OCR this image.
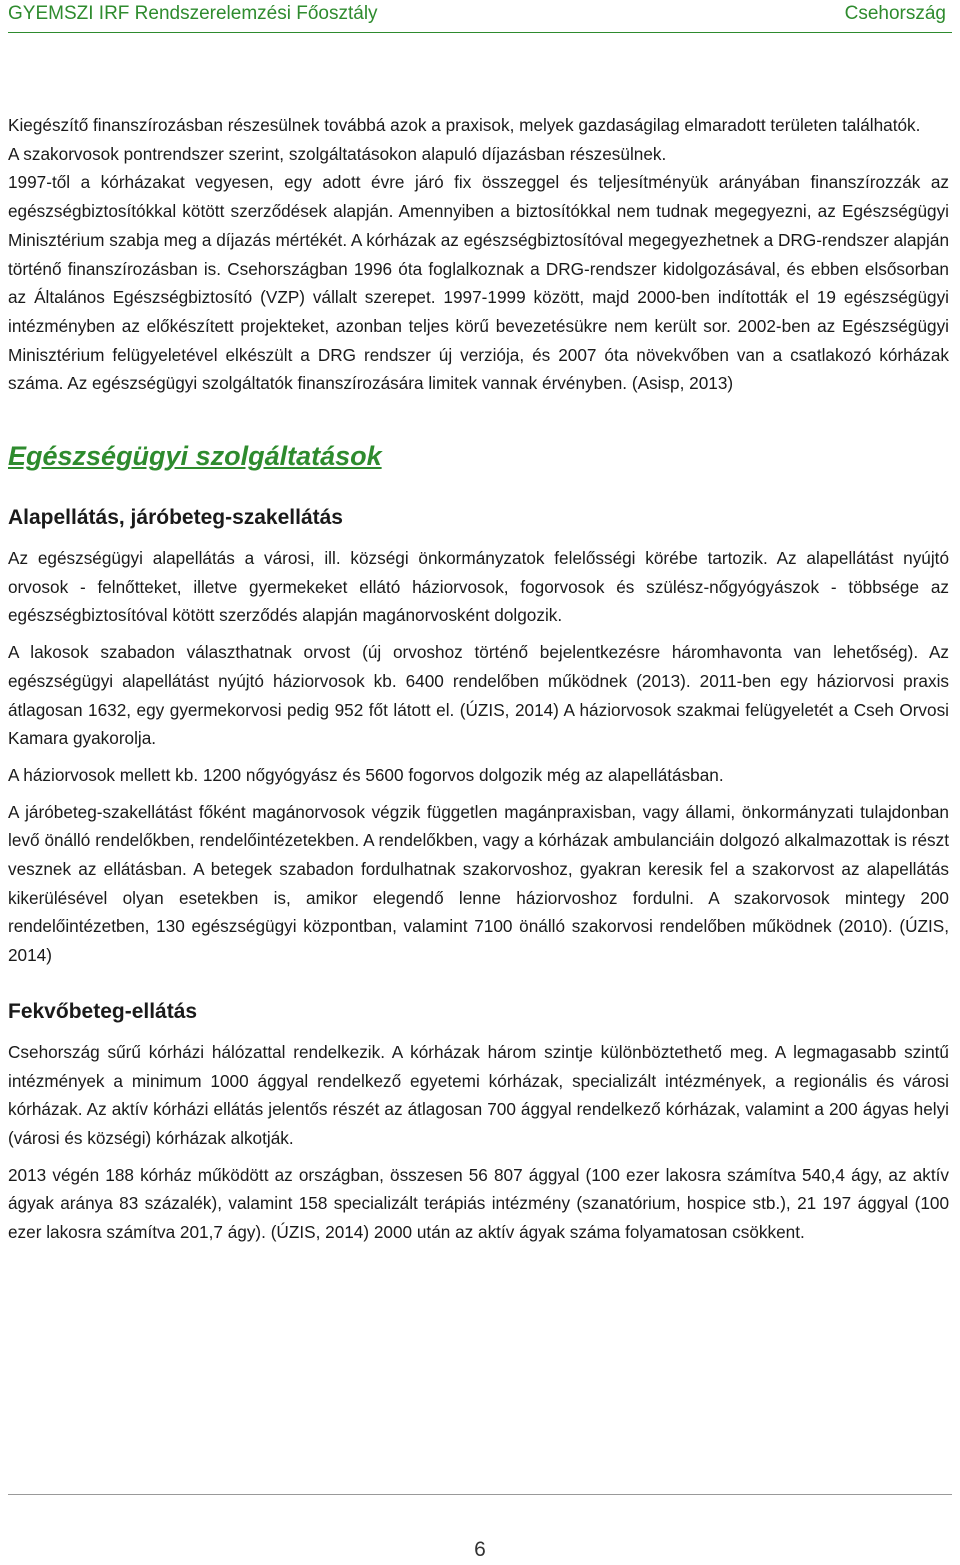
GYEMSZI IRF Rendszerelemzési Főosztály	Csehország

Kiegészítő finanszírozásban részesülnek továbbá azok a praxisok, melyek gazdaságilag elmaradott területen találhatók.

A szakorvosok pontrendszer szerint, szolgáltatásokon alapuló díjazásban részesülnek.

1997-től a kórházakat vegyesen, egy adott évre járó fix összeggel és teljesítményük arányában finanszírozzák az egészségbiztosítókkal kötött szerződések alapján. Amennyiben a biztosítókkal nem tudnak megegyezni, az Egészségügyi Minisztérium szabja meg a díjazás mértékét. A kórházak az egészségbiztosítóval megegyezhetnek a DRG-rendszer alapján történő finanszírozásban is. Csehországban 1996 óta foglalkoznak a DRG-rendszer kidolgozásával, és ebben elsősorban az Általános Egészségbiztosító (VZP) vállalt szerepet. 1997-1999 között, majd 2000-ben indították el 19 egészségügyi intézményben az előkészített projekteket, azonban teljes körű bevezetésükre nem került sor. 2002-ben az Egészségügyi Minisztérium felügyeletével elkészült a DRG rendszer új verziója, és 2007 óta növekvőben van a csatlakozó kórházak száma. Az egészségügyi szolgáltatók finanszírozására limitek vannak érvényben. (Asisp, 2013)

Egészségügyi szolgáltatások
Alapellátás, járóbeteg-szakellátás

Az egészségügyi alapellátás a városi, ill. községi önkormányzatok felelősségi körébe tartozik. Az alapellátást nyújtó orvosok - felnőtteket, illetve gyermekeket ellátó háziorvosok, fogorvosok és szülész-nőgyógyászok - többsége az egészségbiztosítóval kötött szerződés alapján magánorvosként dolgozik.

A lakosok szabadon választhatnak orvost (új orvoshoz történő bejelentkezésre háromhavonta van lehetőség). Az egészségügyi alapellátást nyújtó háziorvosok kb. 6400 rendelőben működnek (2013). 2011-ben egy háziorvosi praxis átlagosan 1632, egy gyermekorvosi pedig 952 főt látott el. (ÚZIS, 2014) A háziorvosok szakmai felügyeletét a Cseh Orvosi Kamara gyakorolja.

A háziorvosok mellett kb. 1200 nőgyógyász és 5600 fogorvos dolgozik még az alapellátásban.

A járóbeteg-szakellátást főként magánorvosok végzik független magánpraxisban, vagy állami, önkormányzati tulajdonban levő önálló rendelőkben, rendelőintézetekben. A rendelőkben, vagy a kórházak ambulanciáin dolgozó alkalmazottak is részt vesznek az ellátásban. A betegek szabadon fordulhatnak szakorvoshoz, gyakran keresik fel a szakorvost az alapellátás kikerülésével olyan esetekben is, amikor elegendő lenne háziorvoshoz fordulni. A szakorvosok mintegy 200 rendelőintézetben, 130 egészségügyi központban, valamint 7100 önálló szakorvosi rendelőben működnek (2010). (ÚZIS, 2014)

Fekvőbeteg-ellátás

Csehország sűrű kórházi hálózattal rendelkezik. A kórházak három szintje különböztethető meg. A legmagasabb szintű intézmények a minimum 1000 ággyal rendelkező egyetemi kórházak, specializált intézmények, a regionális és városi kórházak. Az aktív kórházi ellátás jelentős részét az átlagosan 700 ággyal rendelkező kórházak, valamint a 200 ágyas helyi (városi és községi) kórházak alkotják.

2013 végén 188 kórház működött az országban, összesen 56 807 ággyal (100 ezer lakosra számítva 540,4 ágy, az aktív ágyak aránya 83 százalék), valamint 158 specializált terápiás intézmény (szanatórium, hospice stb.), 21 197 ággyal (100 ezer lakosra számítva 201,7 ágy). (ÚZIS, 2014) 2000 után az aktív ágyak száma folyamatosan csökkent.

6
